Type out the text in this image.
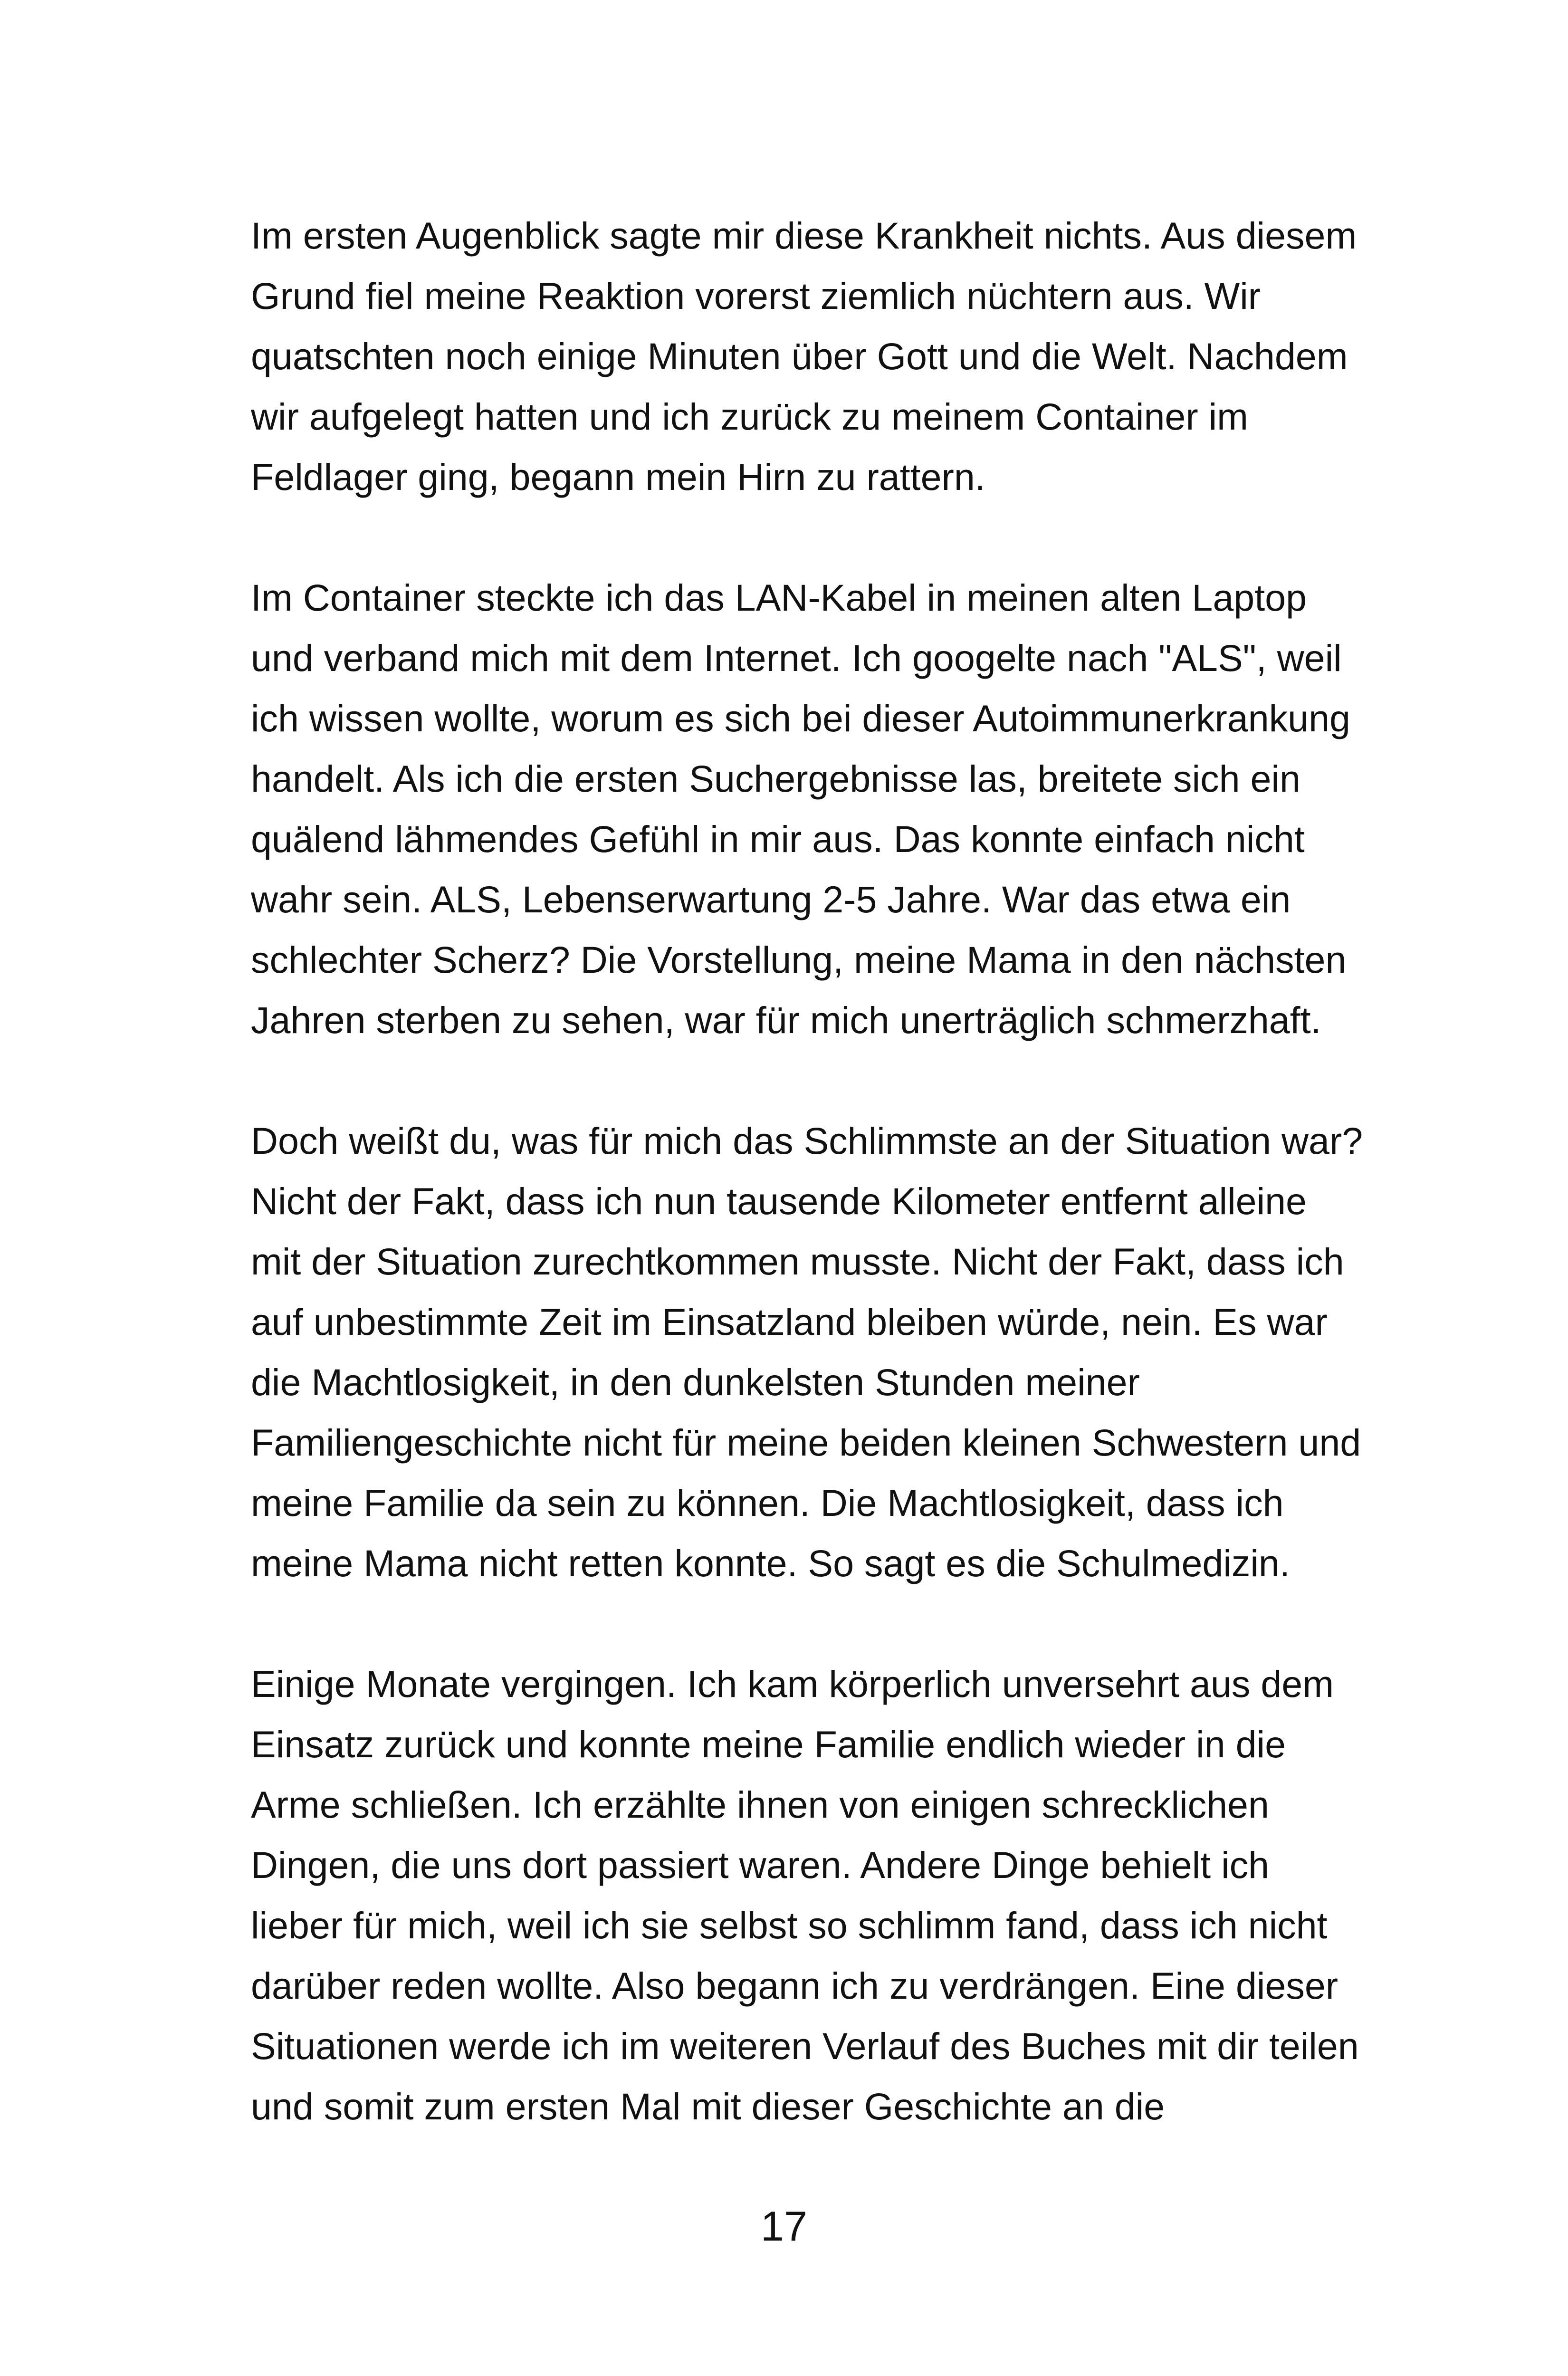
Im ersten Augenblick sagte mir diese Krankheit nichts. Aus diesem
Grund fiel meine Reaktion vorerst ziemlich nüchtern aus. Wir
quatschten noch einige Minuten über Gott und die Welt. Nachdem
wir aufgelegt hatten und ich zurück zu meinem Container im
Feldlager ging, begann mein Hirn zu rattern.

Im Container steckte ich das LAN-Kabel in meinen alten Laptop
und verband mich mit dem Internet. Ich googelte nach "ALS", weil
ich wissen wollte, worum es sich bei dieser Autoimmunerkrankung
handelt. Als ich die ersten Suchergebnisse las, breitete sich ein
quälend lähmendes Gefühl in mir aus. Das konnte einfach nicht
wahr sein. ALS, Lebenserwartung 2-5 Jahre. War das etwa ein
schlechter Scherz? Die Vorstellung, meine Mama in den nächsten
Jahren sterben zu sehen, war für mich unerträglich schmerzhaft.

Doch weißt du, was für mich das Schlimmste an der Situation war?
Nicht der Fakt, dass ich nun tausende Kilometer entfernt alleine
mit der Situation zurechtkommen musste. Nicht der Fakt, dass ich
auf unbestimmte Zeit im Einsatzland bleiben würde, nein. Es war
die Machtlosigkeit, in den dunkelsten Stunden meiner
Familiengeschichte nicht für meine beiden kleinen Schwestern und
meine Familie da sein zu können. Die Machtlosigkeit, dass ich
meine Mama nicht retten konnte. So sagt es die Schulmedizin.

Einige Monate vergingen. Ich kam körperlich unversehrt aus dem
Einsatz zurück und konnte meine Familie endlich wieder in die
Arme schließen. Ich erzählte ihnen von einigen schrecklichen
Dingen, die uns dort passiert waren. Andere Dinge behielt ich
lieber für mich, weil ich sie selbst so schlimm fand, dass ich nicht
darüber reden wollte. Also begann ich zu verdrängen. Eine dieser
Situationen werde ich im weiteren Verlauf des Buches mit dir teilen
und somit zum ersten Mal mit dieser Geschichte an die

17
